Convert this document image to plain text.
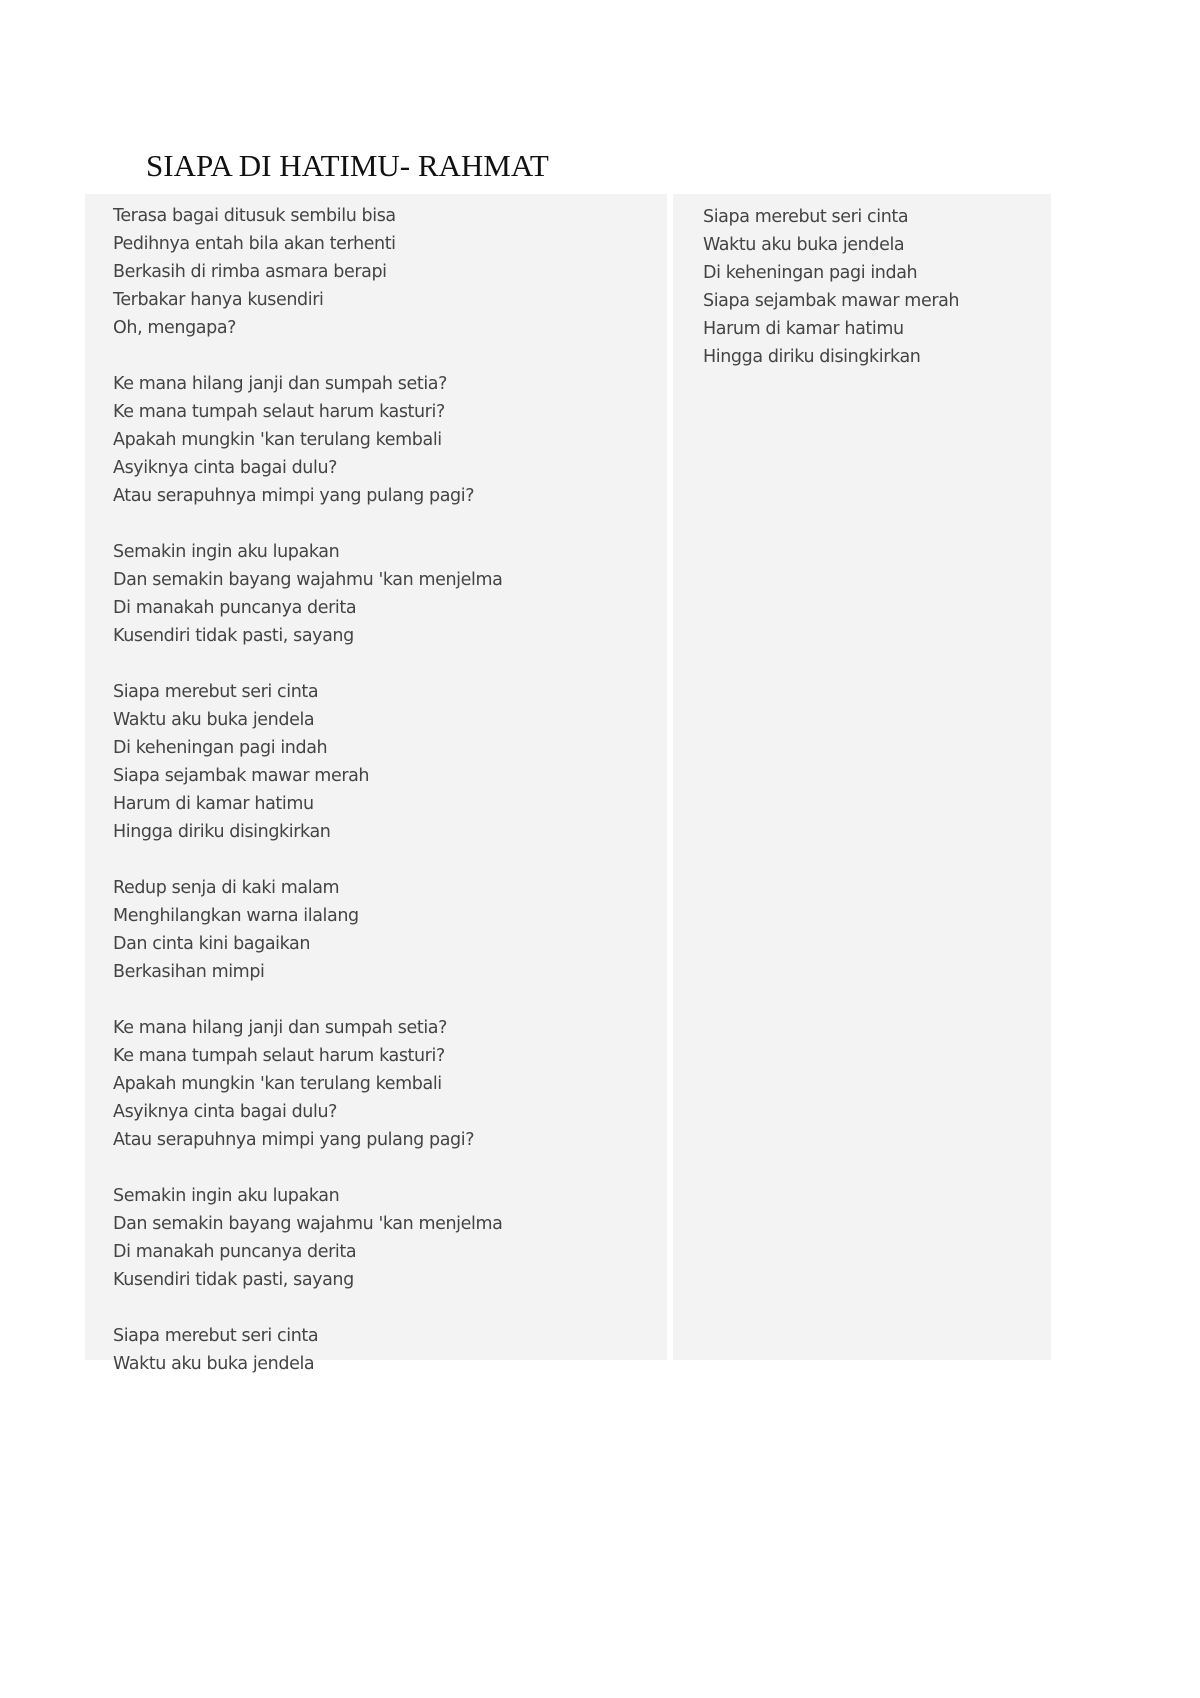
SIAPA DI HATIMU- RAHMAT
Terasa bagai ditusuk sembilu bisa
Pedihnya entah bila akan terhenti
Berkasih di rimba asmara berapi
Terbakar hanya kusendiri
Oh, mengapa?
Ke mana hilang janji dan sumpah setia?
Ke mana tumpah selaut harum kasturi?
Apakah mungkin 'kan terulang kembali
Asyiknya cinta bagai dulu?
Atau serapuhnya mimpi yang pulang pagi?
Semakin ingin aku lupakan
Dan semakin bayang wajahmu 'kan menjelma
Di manakah puncanya derita
Kusendiri tidak pasti, sayang
Siapa merebut seri cinta
Waktu aku buka jendela
Di keheningan pagi indah
Siapa sejambak mawar merah
Harum di kamar hatimu
Hingga diriku disingkirkan
Redup senja di kaki malam
Menghilangkan warna ilalang
Dan cinta kini bagaikan
Berkasihan mimpi
Ke mana hilang janji dan sumpah setia?
Ke mana tumpah selaut harum kasturi?
Apakah mungkin 'kan terulang kembali
Asyiknya cinta bagai dulu?
Atau serapuhnya mimpi yang pulang pagi?
Semakin ingin aku lupakan
Dan semakin bayang wajahmu 'kan menjelma
Di manakah puncanya derita
Kusendiri tidak pasti, sayang
Siapa merebut seri cinta
Waktu aku buka jendela
Siapa merebut seri cinta
Waktu aku buka jendela
Di keheningan pagi indah
Siapa sejambak mawar merah
Harum di kamar hatimu
Hingga diriku disingkirkan
